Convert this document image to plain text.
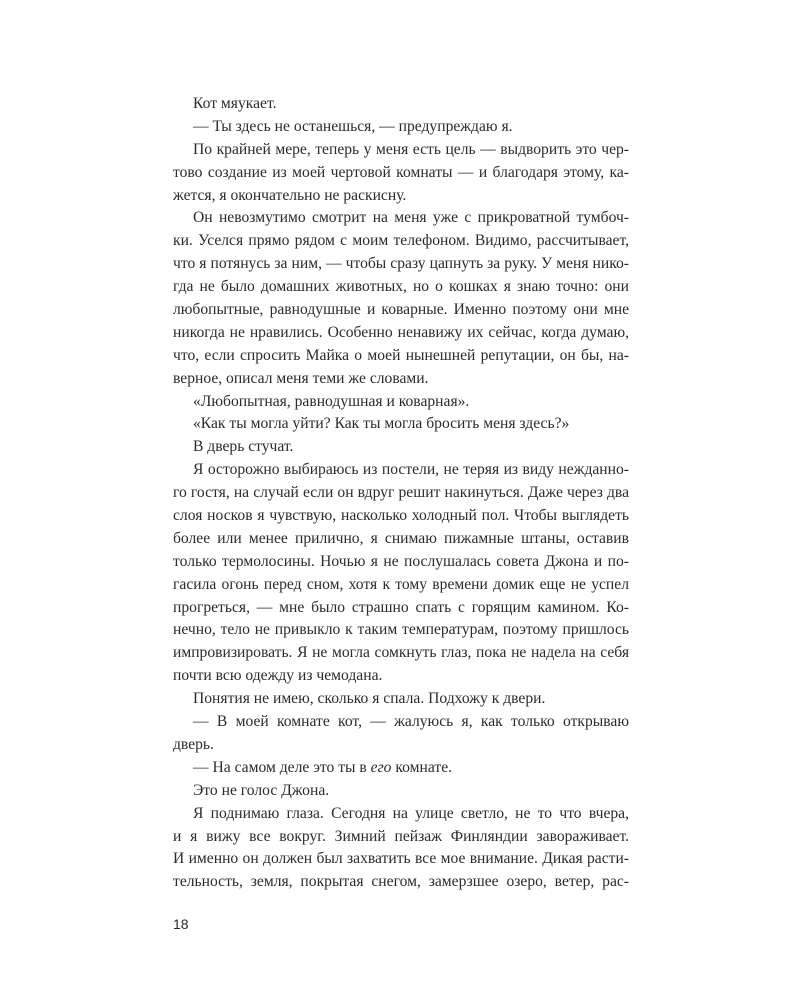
Кот мяукает.
— Ты здесь не останешься, — предупреждаю я.
По крайней мере, теперь у меня есть цель — выдворить это чер-
тово создание из моей чертовой комнаты — и благодаря этому, ка-
жется, я окончательно не раскисну.
Он невозмутимо смотрит на меня уже с прикроватной тумбоч-
ки. Уселся прямо рядом с моим телефоном. Видимо, рассчитывает,
что я потянусь за ним, — чтобы сразу цапнуть за руку. У меня нико-
гда не было домашних животных, но о кошках я знаю точно: они
любопытные, равнодушные и коварные. Именно поэтому они мне
никогда не нравились. Особенно ненавижу их сейчас, когда думаю,
что, если спросить Майка о моей нынешней репутации, он бы, на-
верное, описал меня теми же словами.
«Любопытная, равнодушная и коварная».
«Как ты могла уйти? Как ты могла бросить меня здесь?»
В дверь стучат.
Я осторожно выбираюсь из постели, не теряя из виду нежданно-
го гостя, на случай если он вдруг решит накинуться. Даже через два
слоя носков я чувствую, насколько холодный пол. Чтобы выглядеть
более или менее прилично, я снимаю пижамные штаны, оставив
только термолосины. Ночью я не послушалась совета Джона и по-
гасила огонь перед сном, хотя к тому времени домик еще не успел
прогреться, — мне было страшно спать с горящим камином. Ко-
нечно, тело не привыкло к таким температурам, поэтому пришлось
импровизировать. Я не могла сомкнуть глаз, пока не надела на себя
почти всю одежду из чемодана.
Понятия не имею, сколько я спала. Подхожу к двери.
— В моей комнате кот, — жалуюсь я, как только открываю
дверь.
— На самом деле это ты в его комнате.
Это не голос Джона.
Я поднимаю глаза. Сегодня на улице светло, не то что вчера,
и я вижу все вокруг. Зимний пейзаж Финляндии завораживает.
И именно он должен был захватить все мое внимание. Дикая расти-
тельность, земля, покрытая снегом, замерзшее озеро, ветер, рас-
18
